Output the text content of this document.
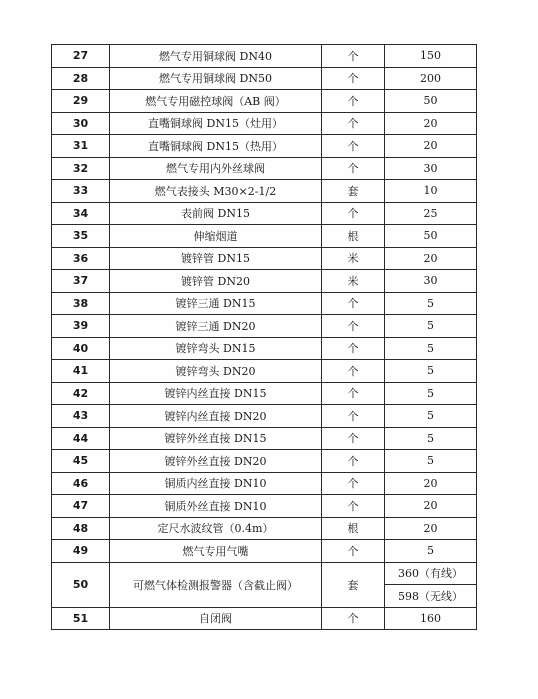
27	燃气专用铜球阀 DN40	个	150
28	燃气专用铜球阀 DN50	个	200
29	燃气专用磁控球阀（AB 阀）	个	50
30	直嘴铜球阀 DN15（灶用）	个	20
31	直嘴铜球阀 DN15（热用）	个	20
32	燃气专用内外丝球阀	个	30
33	燃气表接头 M30×2-1/2	套	10
34	表前阀 DN15	个	25
35	伸缩烟道	根	50
36	镀锌管 DN15	米	20
37	镀锌管 DN20	米	30
38	镀锌三通 DN15	个	5
39	镀锌三通 DN20	个	5
40	镀锌弯头 DN15	个	5
41	镀锌弯头 DN20	个	5
42	镀锌内丝直接 DN15	个	5
43	镀锌内丝直接 DN20	个	5
44	镀锌外丝直接 DN15	个	5
45	镀锌外丝直接 DN20	个	5
46	铜质内丝直接 DN10	个	20
47	铜质外丝直接 DN10	个	20
48	定尺水波纹管（0.4m）	根	20
49	燃气专用气嘴	个	5
50	可燃气体检测报警器（含截止阀）	套	360（有线）
			598（无线）
51	自闭阀	个	160
